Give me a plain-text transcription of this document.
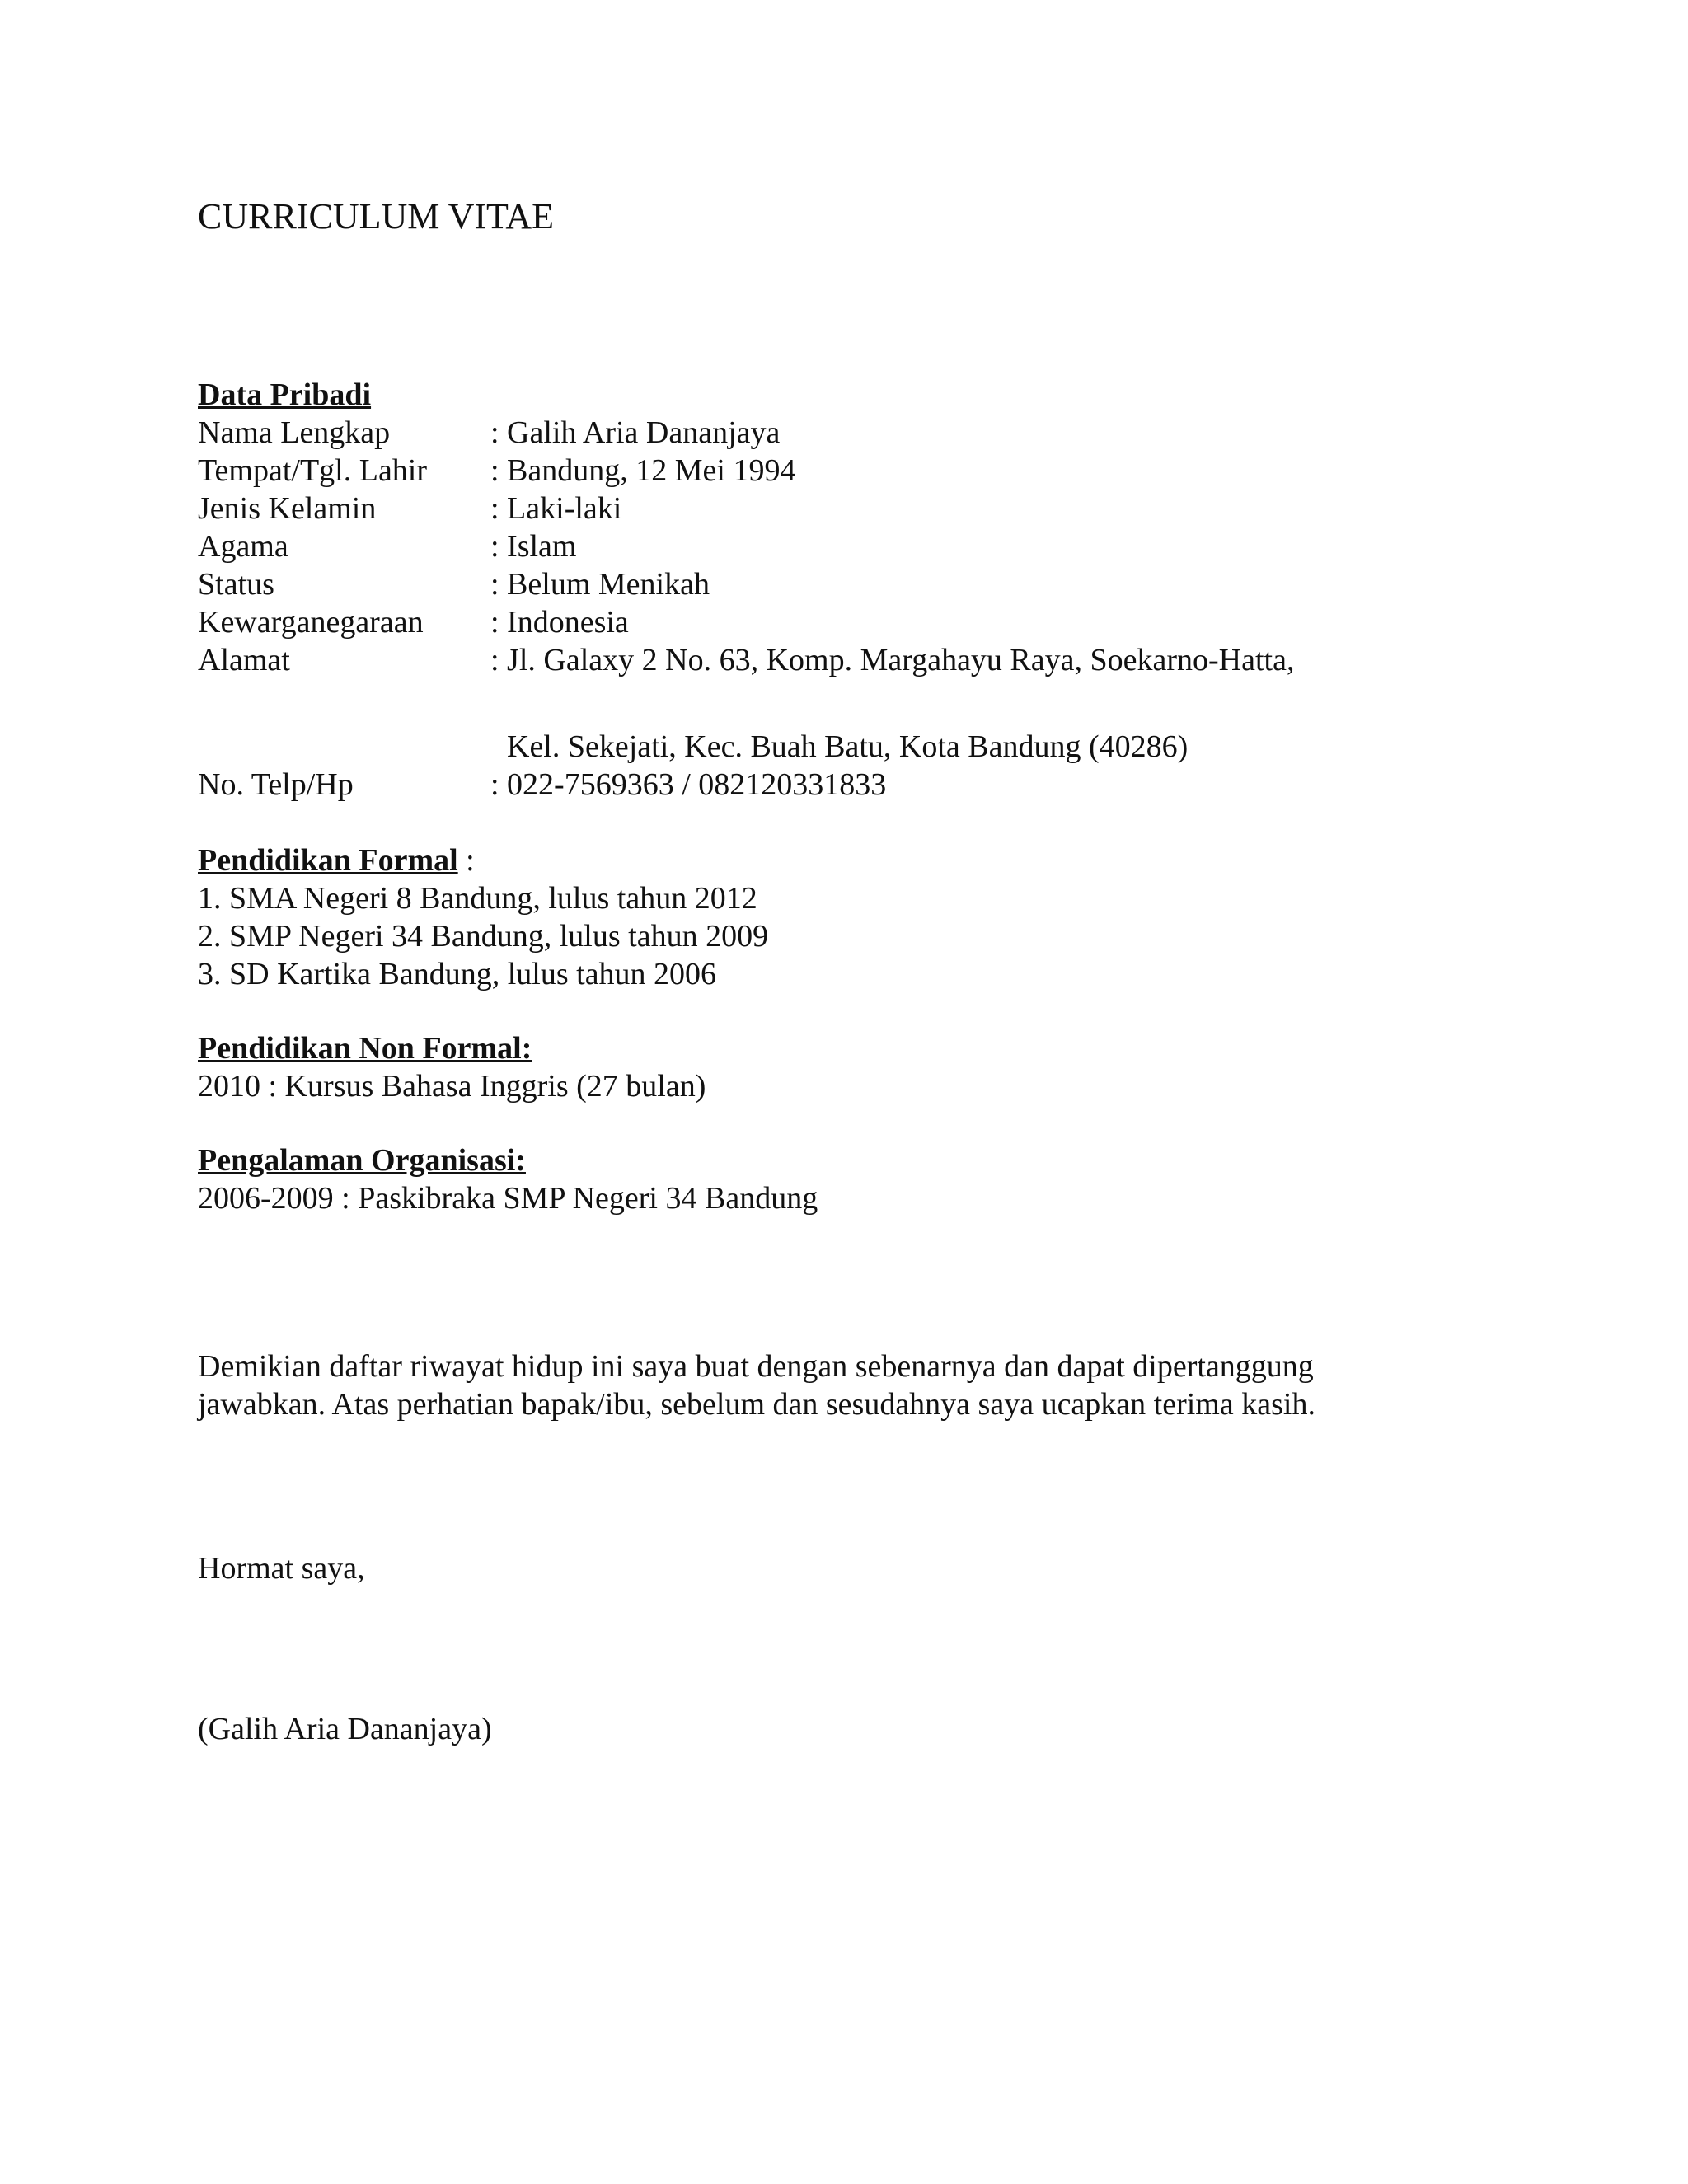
CURRICULUM VITAE
Data Pribadi
Nama Lengkap	: Galih Aria Dananjaya
Tempat/Tgl. Lahir : Bandung, 12 Mei 1994
Jenis Kelamin	: Laki-laki
Agama	: Islam
Status	: Belum Menikah
Kewarganegaraan : Indonesia
Alamat	: Jl. Galaxy 2 No. 63, Komp. Margahayu Raya, Soekarno-Hatta,
Kel. Sekejati, Kec. Buah Batu, Kota Bandung (40286)
No. Telp/Hp	: 022-7569363 / 082120331833
Pendidikan Formal :
1. SMA Negeri 8 Bandung, lulus tahun 2012
2. SMP Negeri 34 Bandung, lulus tahun 2009
3. SD Kartika Bandung, lulus tahun 2006
Pendidikan Non Formal:
2010 : Kursus Bahasa Inggris (27 bulan)
Pengalaman Organisasi:
2006-2009 : Paskibraka SMP Negeri 34 Bandung
Demikian daftar riwayat hidup ini saya buat dengan sebenarnya dan dapat dipertanggung
jawabkan. Atas perhatian bapak/ibu, sebelum dan sesudahnya saya ucapkan terima kasih.
Hormat saya,
(Galih Aria Dananjaya)
